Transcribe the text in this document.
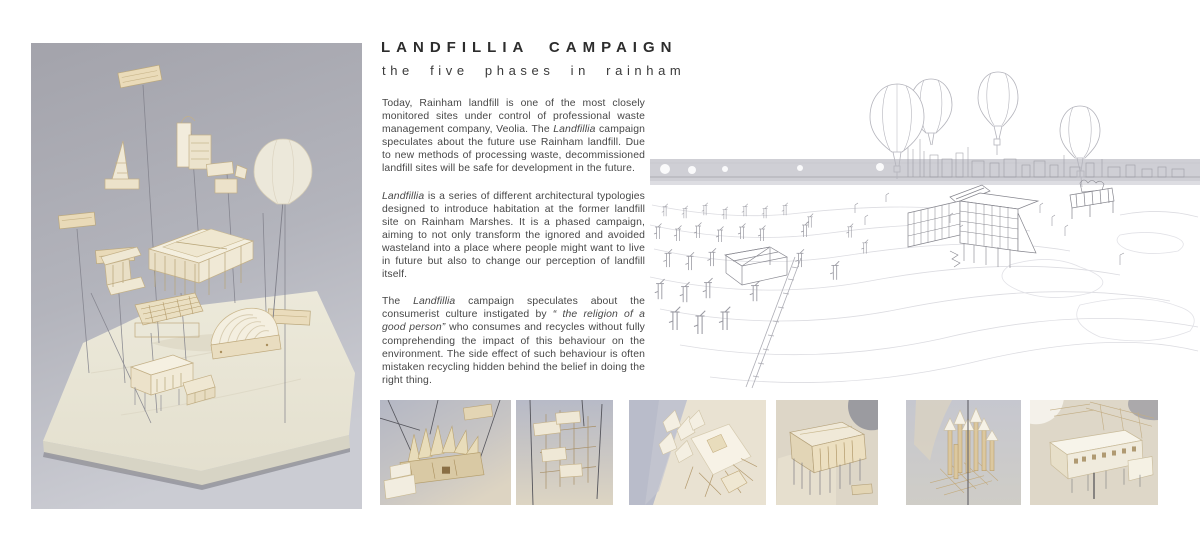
LANDFILLIA CAMPAIGN
the five phases in rainham

Today, Rainham landfill is one of the most closely monitored sites under control of professional waste management company, Veolia. The Landfillia campaign speculates about the future use Rainham landfill. Due to new methods of processing waste, decommissioned landfill sites will be safe for development in the future.

Landfillia is a series of different architectural typologies designed to introduce habitation at the former landfill site on Rainham Marshes. It is a phased campaign, aiming to not only transform the ignored and avoided wasteland into a place where people might want to live in future but also to change our perception of landfill itself.

The Landfillia campaign speculates about the consumerist culture instigated by “ the religion of a good person” who consumes and recycles without fully comprehending the impact of this behaviour on the environment. The side effect of such behaviour is often mistaken recycling hidden behind the belief in doing the right thing.
